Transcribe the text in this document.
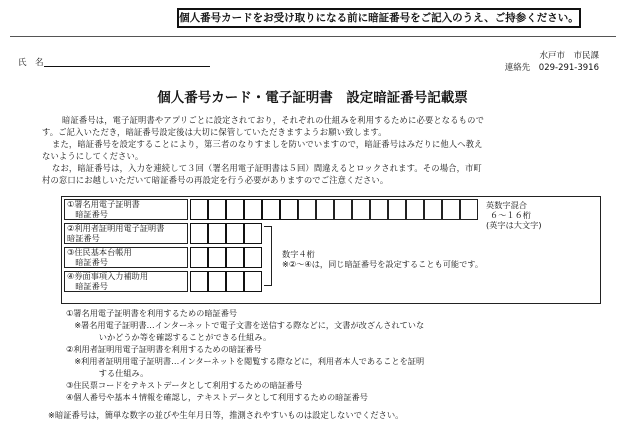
個人番号カードをお受け取りになる前に暗証番号をご記入のうえ、ご持参ください。
氏　名
水戸市　市民課
連絡先　029-291-3916
個人番号カード・電子証明書　設定暗証番号記載票
暗証番号は，電子証明書やアプリごとに設定されており，それぞれの仕組みを利用するために必要となるもので
す。ご記入いただき，暗証番号設定後は大切に保管していただきますようお願い致します。
また，暗証番号を設定することにより，第三者のなりすましを防いでいますので，暗証番号はみだりに他人へ教え
ないようにしてください。
なお，暗証番号は，入力を連続して３回（署名用電子証明書は５回）間違えるとロックされます。その場合，市町
村の窓口にお越しいただいて暗証番号の再設定を行う必要がありますのでご注意ください。
①署名用電子証明書
　暗証番号
②利用者証明用電子証明書
暗証番号
③住民基本台帳用
　暗証番号
④券面事項入力補助用
　暗証番号
英数字混合
６～１６桁
(英字は大文字)
数字４桁
※②～④は，同じ暗証番号を設定することも可能です。
①署名用電子証明書を利用するための暗証番号
　※署名用電子証明書…インターネットで電子文書を送信する際などに，文書が改ざんされていな
　　　　いかどうか等を確認することができる仕組み。
②利用者証明用電子証明書を利用するための暗証番号
　※利用者証明用電子証明書…インターネットを閲覧する際などに，利用者本人であることを証明
　　　　する仕組み。
③住民票コードをテキストデータとして利用するための暗証番号
④個人番号や基本４情報を確認し，テキストデータとして利用するための暗証番号
※暗証番号は，簡単な数字の並びや生年月日等，推測されやすいものは設定しないでください。
